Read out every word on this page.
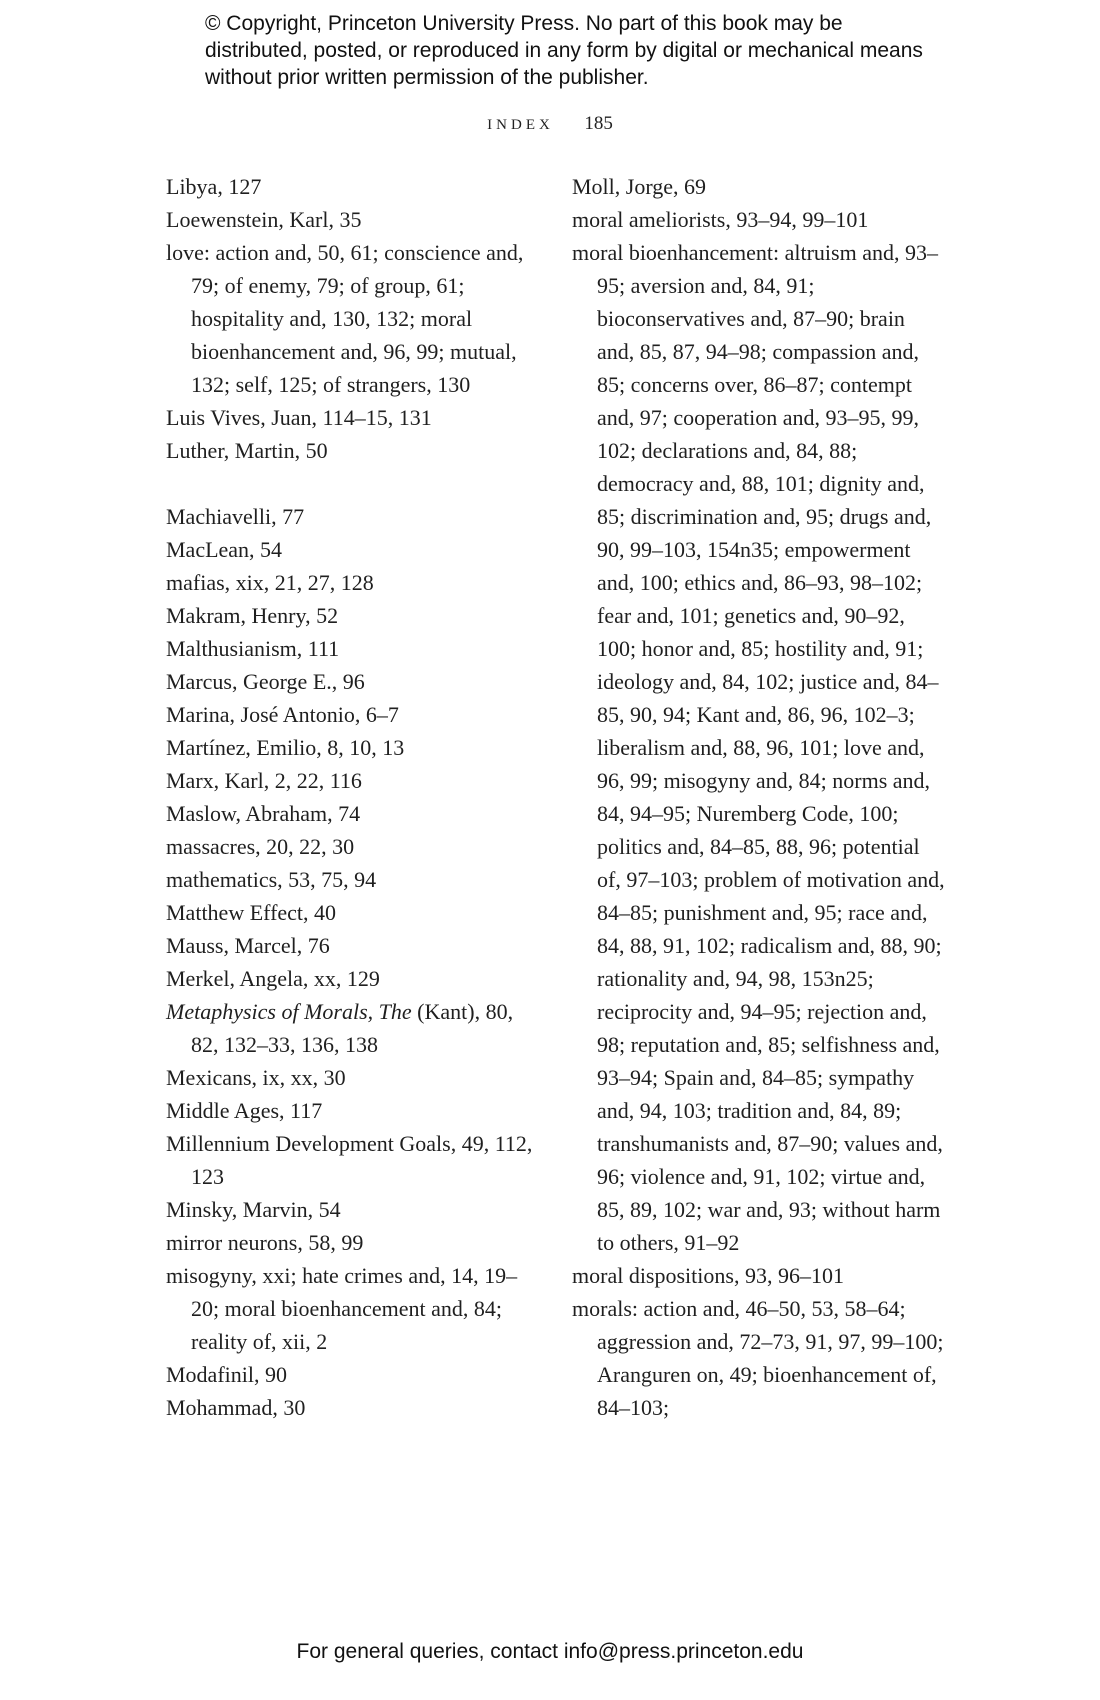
© Copyright, Princeton University Press. No part of this book may be distributed, posted, or reproduced in any form by digital or mechanical means without prior written permission of the publisher.
INDEX 185

Libya, 127

Loewenstein, Karl, 35

love: action and, 50, 61; conscience and, 79; of enemy, 79; of group, 61; hospitality and, 130, 132; moral bioenhancement and, 96, 99; mutual, 132; self, 125; of strangers, 130

Luis Vives, Juan, 114–15, 131

Luther, Martin, 50

Machiavelli, 77

MacLean, 54

mafias, xix, 21, 27, 128

Makram, Henry, 52

Malthusianism, 111

Marcus, George E., 96

Marina, José Antonio, 6–7

Martínez, Emilio, 8, 10, 13

Marx, Karl, 2, 22, 116

Maslow, Abraham, 74

massacres, 20, 22, 30

mathematics, 53, 75, 94

Matthew Effect, 40

Mauss, Marcel, 76

Merkel, Angela, xx, 129

Metaphysics of Morals, The (Kant), 80, 82, 132–33, 136, 138

Mexicans, ix, xx, 30

Middle Ages, 117

Millennium Development Goals, 49, 112, 123

Minsky, Marvin, 54

mirror neurons, 58, 99

misogyny, xxi; hate crimes and, 14, 19–20; moral bioenhancement and, 84; reality of, xii, 2

Modafinil, 90

Mohammad, 30

Moll, Jorge, 69

moral ameliorists, 93–94, 99–101

moral bioenhancement: altruism and, 93–95; aversion and, 84, 91; bioconservatives and, 87–90; brain and, 85, 87, 94–98; compassion and, 85; concerns over, 86–87; contempt and, 97; cooperation and, 93–95, 99, 102; declarations and, 84, 88; democracy and, 88, 101; dignity and, 85; discrimination and, 95; drugs and, 90, 99–103, 154n35; empowerment and, 100; ethics and, 86–93, 98–102; fear and, 101; genetics and, 90–92, 100; honor and, 85; hostility and, 91; ideology and, 84, 102; justice and, 84–85, 90, 94; Kant and, 86, 96, 102–3; liberalism and, 88, 96, 101; love and, 96, 99; misogyny and, 84; norms and, 84, 94–95; Nuremberg Code, 100; politics and, 84–85, 88, 96; potential of, 97–103; problem of motivation and, 84–85; punishment and, 95; race and, 84, 88, 91, 102; radicalism and, 88, 90; rationality and, 94, 98, 153n25; reciprocity and, 94–95; rejection and, 98; reputation and, 85; selfishness and, 93–94; Spain and, 84–85; sympathy and, 94, 103; tradition and, 84, 89; transhumanists and, 87–90; values and, 96; violence and, 91, 102; virtue and, 85, 89, 102; war and, 93; without harm to others, 91–92

moral dispositions, 93, 96–101

morals: action and, 46–50, 53, 58–64; aggression and, 72–73, 91, 97, 99–100; Aranguren on, 49; bioenhancement of, 84–103;

For general queries, contact info@press.princeton.edu
